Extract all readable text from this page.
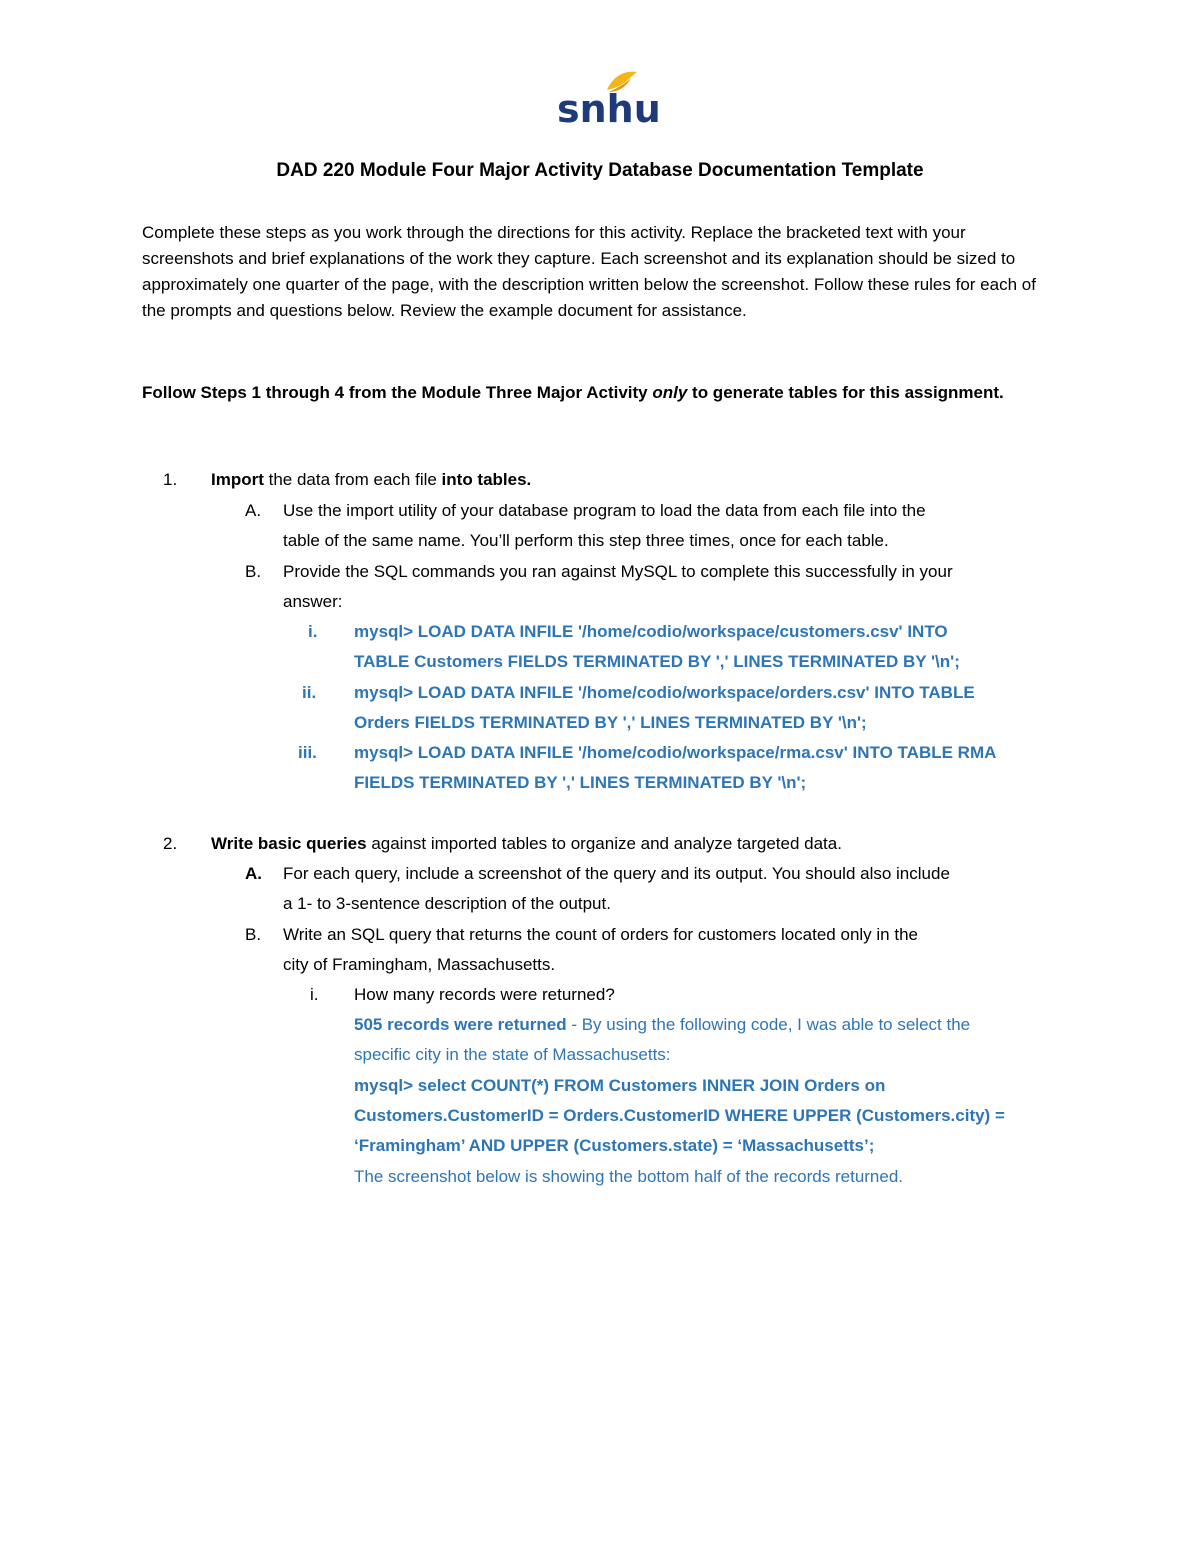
snhu
DAD 220 Module Four Major Activity Database Documentation Template
Complete these steps as you work through the directions for this activity. Replace the bracketed text with your screenshots and brief explanations of the work they capture. Each screenshot and its explanation should be sized to approximately one quarter of the page, with the description written below the screenshot. Follow these rules for each of the prompts and questions below. Review the example document for assistance.
Follow Steps 1 through 4 from the Module Three Major Activity only to generate tables for this assignment.
1. Import the data from each file into tables.
A. Use the import utility of your database program to load the data from each file into the
table of the same name. You’ll perform this step three times, once for each table.
B. Provide the SQL commands you ran against MySQL to complete this successfully in your
answer:
i. mysql> LOAD DATA INFILE '/home/codio/workspace/customers.csv' INTO
TABLE Customers FIELDS TERMINATED BY ',' LINES TERMINATED BY '\n';
ii. mysql> LOAD DATA INFILE '/home/codio/workspace/orders.csv' INTO TABLE
Orders FIELDS TERMINATED BY ',' LINES TERMINATED BY '\n';
iii. mysql> LOAD DATA INFILE '/home/codio/workspace/rma.csv' INTO TABLE RMA
FIELDS TERMINATED BY ',' LINES TERMINATED BY '\n';
2. Write basic queries against imported tables to organize and analyze targeted data.
A. For each query, include a screenshot of the query and its output. You should also include
a 1- to 3-sentence description of the output.
B. Write an SQL query that returns the count of orders for customers located only in the
city of Framingham, Massachusetts.
i. How many records were returned?
505 records were returned - By using the following code, I was able to select the
specific city in the state of Massachusetts:
mysql> select COUNT(*) FROM Customers INNER JOIN Orders on
Customers.CustomerID = Orders.CustomerID WHERE UPPER (Customers.city) =
‘Framingham’ AND UPPER (Customers.state) = ‘Massachusetts’;
The screenshot below is showing the bottom half of the records returned.
